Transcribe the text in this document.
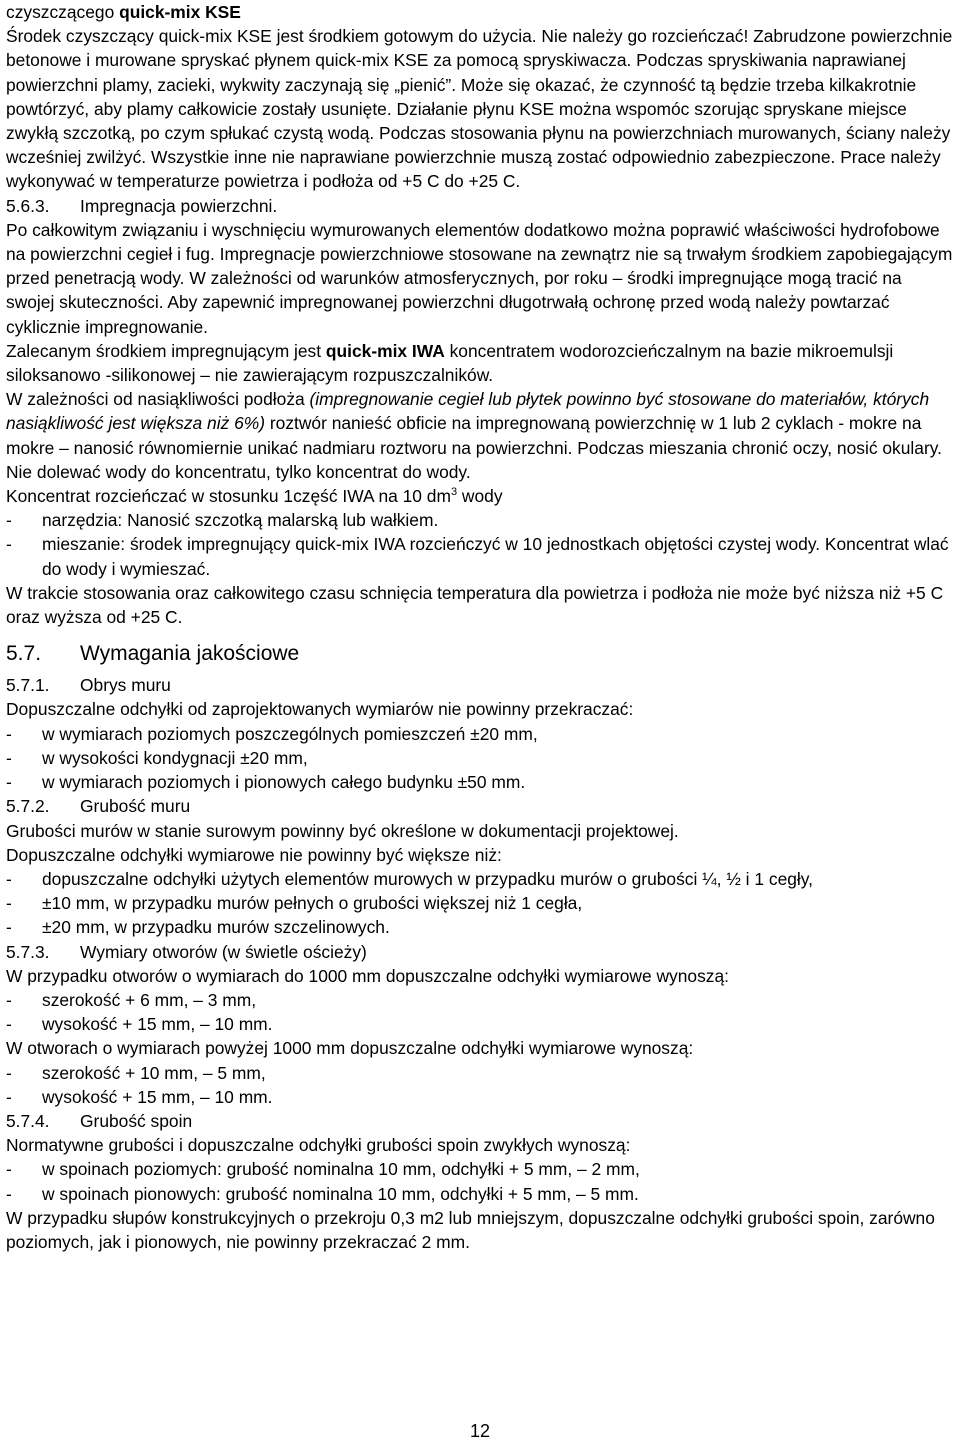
czyszczącego quick-mix KSE

Środek czyszczący quick-mix KSE jest środkiem gotowym do użycia. Nie należy go rozcieńczać! Zabrudzone powierzchnie betonowe i murowane spryskać płynem quick-mix KSE za pomocą spryskiwacza. Podczas spryskiwania naprawianej powierzchni plamy, zacieki, wykwity zaczynają się „pienić”. Może się okazać, że czynność tą będzie trzeba kilkakrotnie powtórzyć, aby plamy całkowicie zostały usunięte. Działanie płynu KSE można wspomóc szorując spryskane miejsce zwykłą szczotką, po czym spłukać czystą wodą. Podczas stosowania płynu na powierzchniach murowanych, ściany należy wcześniej zwilżyć. Wszystkie inne nie naprawiane powierzchnie muszą zostać odpowiednio zabezpieczone. Prace należy wykonywać w temperaturze powietrza i podłoża od +5 C do +25 C.

5.6.3. Impregnacja powierzchni.

Po całkowitym związaniu i wyschnięciu wymurowanych elementów dodatkowo można poprawić właściwości hydrofobowe na powierzchni cegieł i fug. Impregnacje powierzchniowe stosowane na zewnątrz nie są trwałym środkiem zapobiegającym przed penetracją wody. W zależności od warunków atmosferycznych, por roku – środki impregnujące mogą tracić na swojej skuteczności. Aby zapewnić impregnowanej powierzchni długotrwałą ochronę przed wodą należy powtarzać cyklicznie impregnowanie.

Zalecanym środkiem impregnującym jest quick-mix IWA koncentratem wodorozcieńczalnym na bazie mikroemulsji siloksanowo -silikonowej – nie zawierającym rozpuszczalników.

W zależności od nasiąkliwości podłoża (impregnowanie cegieł lub płytek powinno być stosowane do materiałów, których nasiąkliwość jest większa niż 6%) roztwór nanieść obficie na impregnowaną powierzchnię w 1 lub 2 cyklach - mokre na mokre – nanosić równomiernie unikać nadmiaru roztworu na powierzchni. Podczas mieszania chronić oczy, nosić okulary. Nie dolewać wody do koncentratu, tylko koncentrat do wody.

Koncentrat rozcieńczać w stosunku 1część IWA na 10 $dm^3$ wody

-	narzędzia: Nanosić szczotką malarską lub wałkiem.
-	mieszanie: środek impregnujący quick-mix IWA rozcieńczyć w 10 jednostkach objętości czystej wody. Koncentrat wlać do wody i wymieszać.

W trakcie stosowania oraz całkowitego czasu schnięcia temperatura dla powietrza i podłoża nie może być niższa niż +5 C oraz wyższa od +25 C.

5.7. Wymagania jakościowe
5.7.1. Obrys muru

Dopuszczalne odchyłki od zaprojektowanych wymiarów nie powinny przekraczać:

-	w wymiarach poziomych poszczególnych pomieszczeń ±20 mm,
-	w wysokości kondygnacji ±20 mm,
-	w wymiarach poziomych i pionowych całego budynku ±50 mm.
5.7.2. Grubość muru

Grubości murów w stanie surowym powinny być określone w dokumentacji projektowej.

Dopuszczalne odchyłki wymiarowe nie powinny być większe niż:

-	dopuszczalne odchyłki użytych elementów murowych w przypadku murów o grubości ¼, ½ i 1 cegły,
-	±10 mm, w przypadku murów pełnych o grubości większej niż 1 cegła,
-	±20 mm, w przypadku murów szczelinowych.
5.7.3. Wymiary otworów (w świetle ościeży)

W przypadku otworów o wymiarach do 1000 mm dopuszczalne odchyłki wymiarowe wynoszą:

-	szerokość + 6 mm, – 3 mm,
-	wysokość + 15 mm, – 10 mm.

W otworach o wymiarach powyżej 1000 mm dopuszczalne odchyłki wymiarowe wynoszą:

-	szerokość + 10 mm, – 5 mm,
-	wysokość + 15 mm, – 10 mm.
5.7.4. Grubość spoin

Normatywne grubości i dopuszczalne odchyłki grubości spoin zwykłych wynoszą:

-	w spoinach poziomych: grubość nominalna 10 mm, odchyłki + 5 mm, – 2 mm,
-	w spoinach pionowych: grubość nominalna 10 mm, odchyłki + 5 mm, – 5 mm.

W przypadku słupów konstrukcyjnych o przekroju 0,3 m2 lub mniejszym, dopuszczalne odchyłki grubości spoin, zarówno poziomych, jak i pionowych, nie powinny przekraczać 2 mm.

12
